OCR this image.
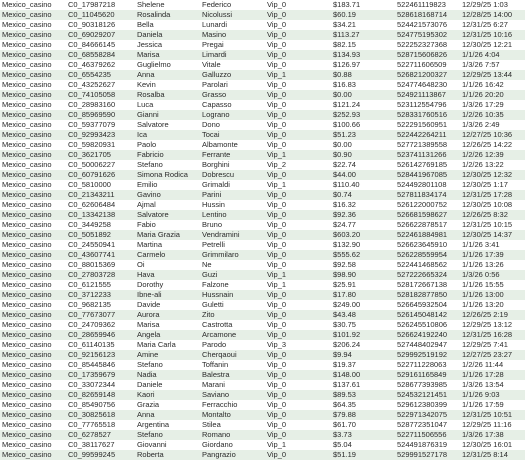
Mexico_casino	C0_17987218	Shelene	Federico	Vip_0	$183.71	522461119823	12/29/25 1:03
Mexico_casino	C0_11045620	Rosalinda	Nicolussi	Vip_0	$60.19	528618168714	12/28/25 14:00
Mexico_casino	C0_90318126	Bella	Lunardi	Vip_0	$34.21	524421573076	12/31/25 6:27
Mexico_casino	C0_69029207	Daniela	Masino	Vip_0	$113.27	524775195302	12/31/25 10:16
Mexico_casino	C0_84666145	Jessica	Pregai	Vip_0	$82.15	522252327368	12/30/25 12:21
Mexico_casino	C0_68558284	Marisa	Limardi	Vip_0	$134.93	528715606826	1/1/26 4:04
Mexico_casino	C0_46379262	Guglielmo	Vitale	Vip_0	$126.97	522711606509	1/3/26 7:57
Mexico_casino	C0_6554235	Anna	Galluzzo	Vip_1	$0.88	526821200327	12/29/25 13:44
Mexico_casino	C0_43252627	Kevin	Parolari	Vip_0	$16.83	524774648230	1/1/26 16:42
Mexico_casino	C0_74105058	Rosalba	Grasso	Vip_0	$0.00	524921113867	1/1/26 20:20
Mexico_casino	C0_28983160	Luca	Capasso	Vip_0	$121.24	523112554796	1/3/26 17:29
Mexico_casino	C0_85969590	Gianni	Lograno	Vip_0	$252.93	528331760516	1/2/26 10:35
Mexico_casino	C0_59377079	Salvatore	Dono	Vip_0	$100.66	522291560951	1/3/26 2:49
Mexico_casino	C0_92993423	Ica	Tocai	Vip_0	$51.23	522442264211	12/27/25 10:36
Mexico_casino	C0_59820931	Paolo	Albamonte	Vip_0	$0.00	527721389558	12/26/25 14:22
Mexico_casino	C0_3621705	Fabricio	Ferrante	Vip_1	$0.90	523741131266	1/2/26 12:39
Mexico_casino	C0_50006227	Stefano	Borghini	Vip_2	$22.74	526142769185	1/2/26 13:22
Mexico_casino	C0_60791626	Simona Rodica	Dobrescu	Vip_0	$44.00	528441967085	12/30/25 12:32
Mexico_casino	C0_5810000	Emilio	Grimaldi	Vip_1	$110.40	524492801108	12/30/25 1:17
Mexico_casino	C0_21343211	Gavino	Parini	Vip_0	$0.74	527811834174	12/31/25 17:28
Mexico_casino	C0_62606484	Ajmal	Hussin	Vip_0	$16.32	526122000752	12/30/25 10:08
Mexico_casino	C0_13342138	Salvatore	Lentino	Vip_0	$92.36	526681598627	12/26/25 8:32
Mexico_casino	C0_3449258	Fabio	Bruno	Vip_0	$24.77	526622878517	12/31/25 10:15
Mexico_casino	C0_5051892	Maria Grazia	Vendramini	Vip_0	$603.20	522461884981	12/30/25 14:37
Mexico_casino	C0_24550941	Martina	Petrelli	Vip_0	$132.90	526623645910	1/1/26 3:41
Mexico_casino	C0_43607741	Carmelo	Grimmilaro	Vip_0	$555.62	526228559954	1/1/26 17:39
Mexico_casino	C0_88015369	Oi	Ne	Vip_0	$92.58	522441468562	1/1/26 13:26
Mexico_casino	C0_27803728	Hava	Guzi	Vip_1	$98.90	527222665324	1/3/26 0:56
Mexico_casino	C0_6121555	Dorothy	Falzone	Vip_1	$25.91	528172667138	1/1/26 15:55
Mexico_casino	C0_3712233	Ibne-ali	Hussnain	Vip_0	$17.80	528182877850	1/1/26 13:00
Mexico_casino	C0_9682135	Davide	Guletti	Vip_0	$249.00	526645932504	1/1/26 13:20
Mexico_casino	C0_77673077	Aurora	Zito	Vip_0	$43.48	526145048142	12/26/25 2:19
Mexico_casino	C0_24709362	Marisa	Castrotta	Vip_0	$30.75	526245510806	12/29/25 13:12
Mexico_casino	C0_28659946	Angela	Arcamone	Vip_0	$101.92	526624192240	12/31/25 16:28
Mexico_casino	C0_61140135	Maria Carla	Parodo	Vip_3	$206.24	527448402947	12/29/25 7:41
Mexico_casino	C0_92156123	Amine	Cherqaoui	Vip_0	$9.94	529992519192	12/27/25 23:27
Mexico_casino	C0_85445846	Stefano	Toffanin	Vip_0	$19.37	522711228063	1/2/26 11:44
Mexico_casino	C0_17359679	Nadia	Balestra	Vip_0	$148.00	529161165849	1/1/26 17:28
Mexico_casino	C0_33072344	Daniele	Marani	Vip_0	$137.61	528677393985	1/3/26 13:54
Mexico_casino	C0_82659148	Kaori	Saviano	Vip_0	$89.53	524532121451	1/1/26 9:03
Mexico_casino	C0_85490756	Grazia	Ferracchio	Vip_0	$64.35	529612380399	1/1/26 17:59
Mexico_casino	C0_30825618	Anna	Montalto	Vip_0	$79.88	522971342075	12/31/25 10:51
Mexico_casino	C0_77765518	Argentina	Stilea	Vip_0	$61.70	528772351047	12/29/25 11:16
Mexico_casino	C0_6278527	Stefano	Romano	Vip_0	$3.73	522711506556	1/3/26 17:38
Mexico_casino	C0_38117627	Giovanni	Giordano	Vip_1	$5.04	524491876319	12/30/25 16:01
Mexico_casino	C0_99599245	Roberta	Pangrazio	Vip_0	$51.19	529991527178	12/31/25 8:14
